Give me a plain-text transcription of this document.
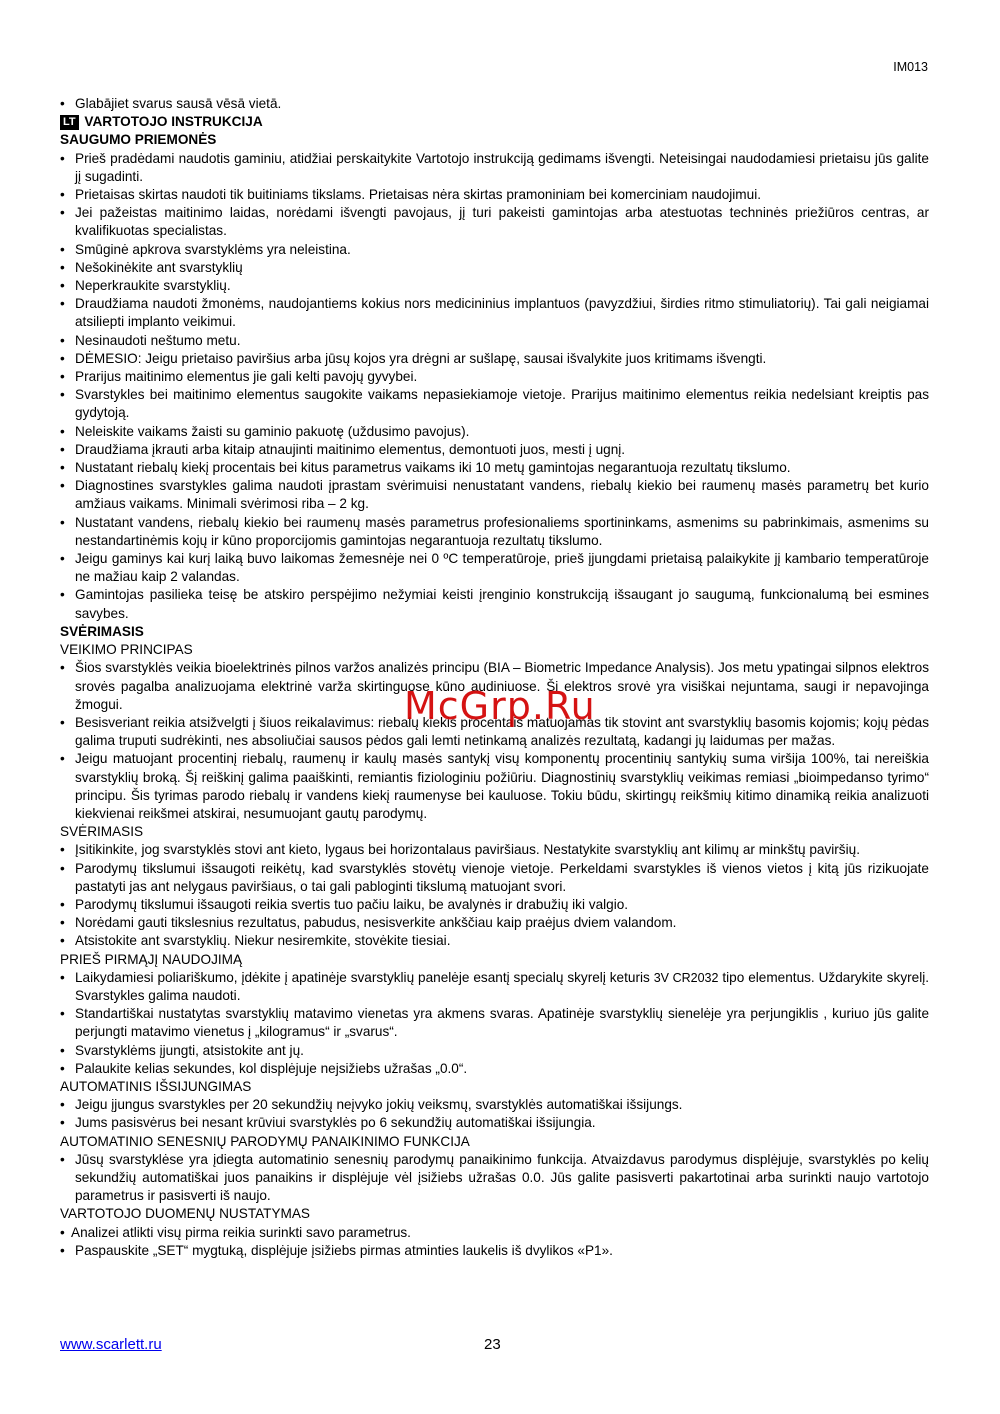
IM013
• Glabājiet svarus sausā vēsā vietā.
LT VARTOTOJO INSTRUKCIJA
SAUGUMO PRIEMONĖS
• Prieš pradėdami naudotis gaminiu, atidžiai perskaitykite Vartotojo instrukciją gedimams išvengti. Neteisingai naudodamiesi prietaisu jūs galite jį sugadinti.
• Prietaisas skirtas naudoti tik buitiniams tikslams. Prietaisas nėra skirtas pramoniniam bei komerciniam naudojimui.
• Jei pažeistas maitinimo laidas, norėdami išvengti pavojaus, jį turi pakeisti gamintojas arba atestuotas techninės priežiūros centras, ar kvalifikuotas specialistas.
• Smūginė apkrova svarstyklėms yra neleistina.
• Nešokinėkite ant svarstyklių
• Neperkraukite svarstyklių.
• Draudžiama naudoti žmonėms, naudojantiems kokius nors medicininius implantuos (pavyzdžiui, širdies ritmo stimuliatorių). Tai gali neigiamai atsiliepti implanto veikimui.
• Nesinaudoti neštumo metu.
• DĖMESIO: Jeigu prietaiso paviršius arba jūsų kojos yra drėgni ar sušlapę, sausai išvalykite juos kritimams išvengti.
• Prarijus maitinimo elementus jie gali kelti pavojų gyvybei.
• Svarstykles bei maitinimo elementus saugokite vaikams nepasiekiamoje vietoje. Prarijus maitinimo elementus reikia nedelsiant kreiptis pas gydytoją.
• Neleiskite vaikams žaisti su gaminio pakuotę (uždusimo pavojus).
• Draudžiama įkrauti arba kitaip atnaujinti maitinimo elementus, demontuoti juos, mesti į ugnį.
• Nustatant riebalų kiekį procentais bei kitus parametrus vaikams iki 10 metų gamintojas negarantuoja rezultatų tikslumo.
• Diagnostines svarstykles galima naudoti įprastam svėrimuisi nenustatant vandens, riebalų kiekio bei raumenų masės parametrų bet kurio amžiaus vaikams. Minimali svėrimosi riba – 2 kg.
• Nustatant vandens, riebalų kiekio bei raumenų masės parametrus profesionaliems sportininkams, asmenims su pabrinkimais, asmenims su nestandartinėmis kojų ir kūno proporcijomis gamintojas negarantuoja rezultatų tikslumo.
• Jeigu gaminys kai kurį laiką buvo laikomas žemesnėje nei 0 ºC temperatūroje, prieš įjungdami prietaisą palaikykite jį kambario temperatūroje ne mažiau kaip 2 valandas.
• Gamintojas pasilieka teisę be atskiro perspėjimo nežymiai keisti įrenginio konstrukciją išsaugant jo saugumą, funkcionalumą bei esmines savybes.
SVĖRIMASIS
VEIKIMO PRINCIPAS
• Šios svarstyklės veikia bioelektrinės pilnos varžos analizės principu (BIA – Biometric Impedance Analysis). Jos metu ypatingai silpnos elektros srovės pagalba analizuojama elektrinė varža skirtinguose kūno audiniuose. Ši elektros srovė yra visiškai nejuntama, saugi ir nepavojinga žmogui.
• Besisveriant reikia atsižvelgti į šiuos reikalavimus: riebalų kiekis procentais matuojamas tik stovint ant svarstyklių basomis kojomis; kojų pėdas galima truputi sudrėkinti, nes absoliučiai sausos pėdos gali lemti netinkamą analizės rezultatą, kadangi jų laidumas per mažas.
• Jeigu matuojant procentinį riebalų, raumenų ir kaulų masės santykį visų komponentų procentinių santykių suma viršija 100%, tai nereiškia svarstyklių broką. Šį reiškinį galima paaiškinti, remiantis fiziologiniu požiūriu. Diagnostinių svarstyklių veikimas remiasi „bioimpedanso tyrimo“ principu. Šis tyrimas parodo riebalų ir vandens kiekį raumenyse bei kauluose. Tokiu būdu, skirtingų reikšmių kitimo dinamiką reikia analizuoti kiekvienai reikšmei atskirai, nesumuojant gautų parodymų.
SVĖRIMASIS
• Įsitikinkite, jog svarstyklės stovi ant kieto, lygaus bei horizontalaus paviršiaus. Nestatykite svarstyklių ant kilimų ar minkštų paviršių.
• Parodymų tikslumui išsaugoti reikėtų, kad svarstyklės stovėtų vienoje vietoje. Perkeldami svarstykles iš vienos vietos į kitą jūs rizikuojate pastatyti jas ant nelygaus paviršiaus, o tai gali pabloginti tikslumą matuojant svori.
• Parodymų tikslumui išsaugoti reikia svertis tuo pačiu laiku, be avalynės ir drabužių iki valgio.
• Norėdami gauti tikslesnius rezultatus, pabudus, nesisverkite ankščiau kaip praėjus dviem valandom.
• Atsistokite ant svarstyklių. Niekur nesiremkite, stovėkite tiesiai.
PRIEŠ PIRMĄJĮ NAUDOJIMĄ
• Laikydamiesi poliariškumo, įdėkite į apatinėje svarstyklių panelėje esantį specialų skyrelį keturis 3V CR2032 tipo elementus. Uždarykite skyrelį. Svarstykles galima naudoti.
• Standartiškai nustatytas svarstyklių matavimo vienetas yra akmens svaras. Apatinėje svarstyklių sienelėje yra perjungiklis , kuriuo jūs galite perjungti matavimo vienetus į „kilogramus“ ir „svarus“.
• Svarstyklėms įjungti, atsistokite ant jų.
• Palaukite kelias sekundes, kol displėjuje nejsižiebs užrašas „0.0“.
AUTOMATINIS IŠSIJUNGIMAS
• Jeigu įjungus svarstykles per 20 sekundžių neįvyko jokių veiksmų, svarstyklės automatiškai išsijungs.
• Jums pasisvėrus bei nesant krūviui svarstyklės po 6 sekundžių automatiškai išsijungia.
AUTOMATINIO SENESNIŲ PARODYMŲ PANAIKINIMO FUNKCIJA
• Jūsų svarstyklėse yra įdiegta automatinio senesnių parodymų panaikinimo funkcija. Atvaizdavus parodymus displėjuje, svarstyklės po kelių sekundžių automatiškai juos panaikins ir displėjuje vėl įsižiebs užrašas 0.0. Jūs galite pasisverti pakartotinai arba surinkti naujo vartotojo parametrus ir pasisverti iš naujo.
VARTOTOJO DUOMENŲ NUSTATYMAS
• Analizei atlikti visų pirma reikia surinkti savo parametrus.
• Paspauskite „SET“ mygtuką, displėjuje įsižiebs pirmas atminties laukelis iš dvylikos «P1».
McGrp.Ru
www.scarlett.ru	23
